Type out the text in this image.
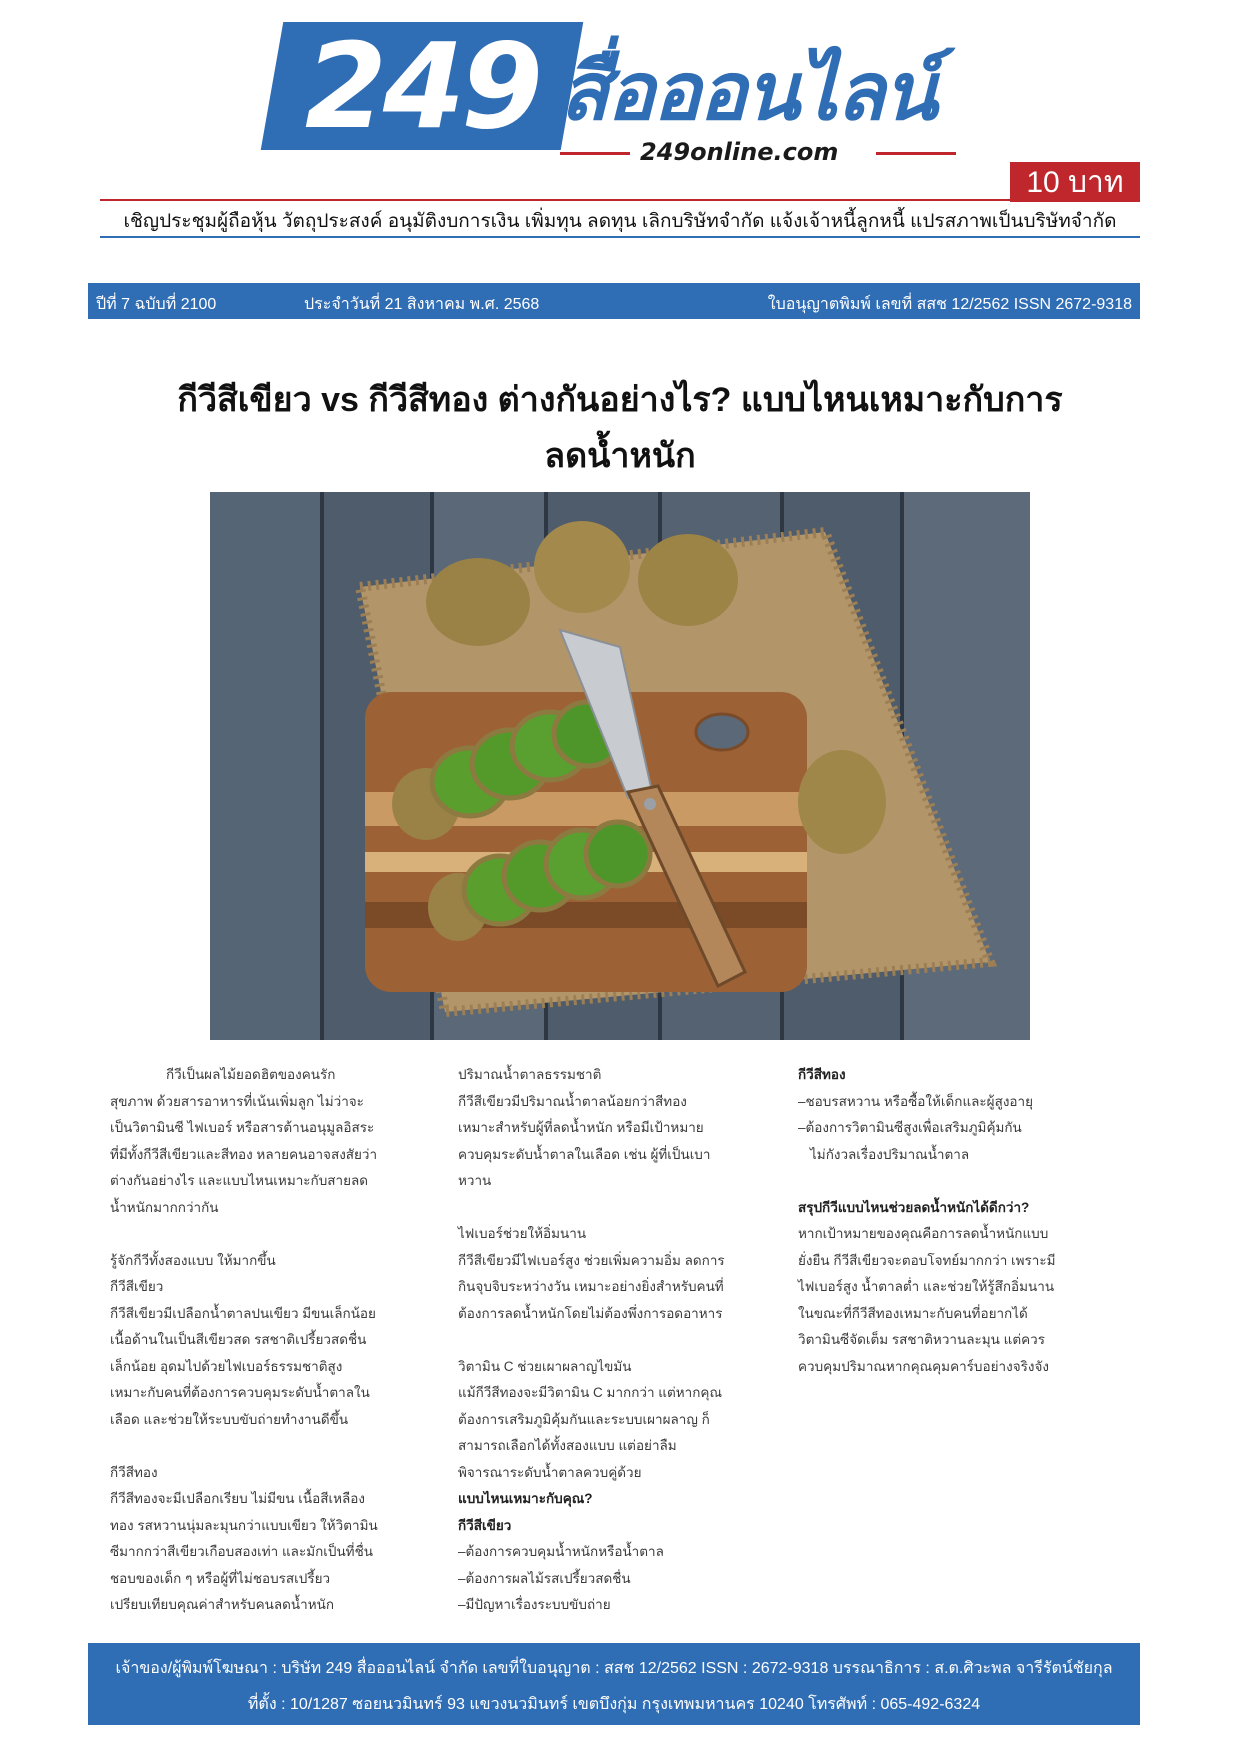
249 สื่อออนไลน์
249online.com
10 บาท
เชิญประชุมผู้ถือหุ้น วัตถุประสงค์ อนุมัติงบการเงิน เพิ่มทุน ลดทุน เลิกบริษัทจำกัด แจ้งเจ้าหนี้ลูกหนี้ แปรสภาพเป็นบริษัทจำกัด
ปีที่ 7 ฉบับที่ 2100	ประจำวันที่ 21 สิงหาคม พ.ศ. 2568	ใบอนุญาตพิมพ์ เลขที่ สสช 12/2562 ISSN 2672-9318
กีวีสีเขียว vs กีวีสีทอง ต่างกันอย่างไร? แบบไหนเหมาะกับการ
ลดน้ำหนัก

กีวีเป็นผลไม้ยอดฮิตของคนรักสุขภาพ ด้วยสารอาหารที่เน้นเพิ่มลูก ไม่ว่าจะเป็นวิตามินซี ไฟเบอร์ หรือสารต้านอนุมูลอิสระ ที่มีทั้งกีวีสีเขียวและสีทอง หลายคนอาจสงสัยว่าต่างกันอย่างไร และแบบไหนเหมาะกับสายลดน้ำหนักมากกว่ากัน

รู้จักกีวีทั้งสองแบบ ให้มากขึ้น

กีวีสีเขียว

กีวีสีเขียวมีเปลือกน้ำตาลปนเขียว มีขนเล็กน้อย เนื้อด้านในเป็นสีเขียวสด รสชาติเปรี้ยวสดชื่นเล็กน้อย อุดมไปด้วยไฟเบอร์ธรรมชาติสูง เหมาะกับคนที่ต้องการควบคุมระดับน้ำตาลในเลือด และช่วยให้ระบบขับถ่ายทำงานดีขึ้น

กีวีสีทอง

กีวีสีทองจะมีเปลือกเรียบ ไม่มีขน เนื้อสีเหลืองทอง รสหวานนุ่มละมุนกว่าแบบเขียว ให้วิตามินซีมากกว่าสีเขียวเกือบสองเท่า และมักเป็นที่ชื่นชอบของเด็ก ๆ หรือผู้ที่ไม่ชอบรสเปรี้ยว

เปรียบเทียบคุณค่าสำหรับคนลดน้ำหนัก

ปริมาณน้ำตาลธรรมชาติ

กีวีสีเขียวมีปริมาณน้ำตาลน้อยกว่าสีทอง เหมาะสำหรับผู้ที่ลดน้ำหนัก หรือมีเป้าหมายควบคุมระดับน้ำตาลในเลือด เช่น ผู้ที่เป็นเบาหวาน

ไฟเบอร์ช่วยให้อิ่มนาน

กีวีสีเขียวมีไฟเบอร์สูง ช่วยเพิ่มความอิ่ม ลดการกินจุบจิบระหว่างวัน เหมาะอย่างยิ่งสำหรับคนที่ต้องการลดน้ำหนักโดยไม่ต้องพึ่งการอดอาหาร

วิตามิน C ช่วยเผาผลาญไขมัน

แม้กีวีสีทองจะมีวิตามิน C มากกว่า แต่หากคุณต้องการเสริมภูมิคุ้มกันและระบบเผาผลาญ ก็สามารถเลือกได้ทั้งสองแบบ แต่อย่าลืมพิจารณาระดับน้ำตาลควบคู่ด้วย

แบบไหนเหมาะกับคุณ?

กีวีสีเขียว

–ต้องการควบคุมน้ำหนักหรือน้ำตาล

–ต้องการผลไม้รสเปรี้ยวสดชื่น

–มีปัญหาเรื่องระบบขับถ่าย

กีวีสีทอง

–ชอบรสหวาน หรือซื้อให้เด็กและผู้สูงอายุ

–ต้องการวิตามินซีสูงเพื่อเสริมภูมิคุ้มกัน

ไม่กังวลเรื่องปริมาณน้ำตาล

สรุปกีวีแบบไหนช่วยลดน้ำหนักได้ดีกว่า?

หากเป้าหมายของคุณคือการลดน้ำหนักแบบยั่งยืน กีวีสีเขียวจะตอบโจทย์มากกว่า เพราะมีไฟเบอร์สูง น้ำตาลต่ำ และช่วยให้รู้สึกอิ่มนาน ในขณะที่กีวีสีทองเหมาะกับคนที่อยากได้วิตามินซีจัดเต็ม รสชาติหวานละมุน แต่ควรควบคุมปริมาณหากคุณคุมคาร์บอย่างจริงจัง

เจ้าของ/ผู้พิมพ์โฆษณา : บริษัท 249 สื่อออนไลน์ จำกัด เลขที่ใบอนุญาต : สสช 12/2562 ISSN : 2672-9318 บรรณาธิการ : ส.ต.ศิวะพล จารีรัตน์ชัยกุล
ที่ตั้ง : 10/1287 ซอยนวมินทร์ 93 แขวงนวมินทร์ เขตบึงกุ่ม กรุงเทพมหานคร 10240 โทรศัพท์ : 065-492-6324
